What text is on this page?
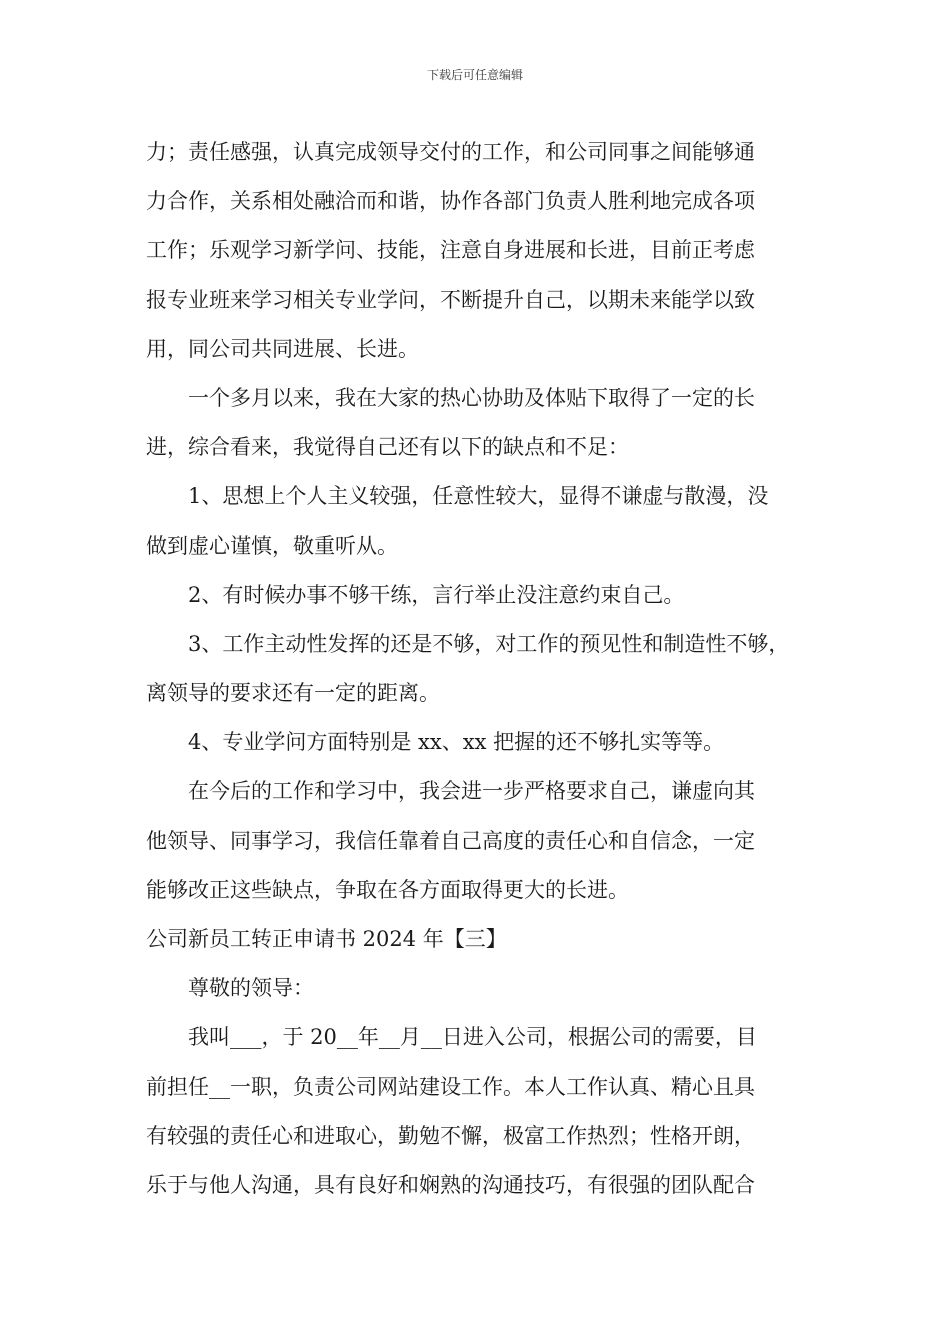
下载后可任意编辑
力；责任感强，认真完成领导交付的工作，和公司同事之间能够通
力合作，关系相处融洽而和谐，协作各部门负责人胜利地完成各项
工作；乐观学习新学问、技能，注意自身进展和长进，目前正考虑
报专业班来学习相关专业学问，不断提升自己，以期未来能学以致
用，同公司共同进展、长进。
一个多月以来，我在大家的热心协助及体贴下取得了一定的长
进，综合看来，我觉得自己还有以下的缺点和不足：
1、思想上个人主义较强，任意性较大，显得不谦虚与散漫，没
做到虚心谨慎，敬重听从。
2、有时候办事不够干练，言行举止没注意约束自己。
3、工作主动性发挥的还是不够，对工作的预见性和制造性不够，
离领导的要求还有一定的距离。
4、专业学问方面特别是 xx、xx 把握的还不够扎实等等。
在今后的工作和学习中，我会进一步严格要求自己，谦虚向其
他领导、同事学习，我信任靠着自己高度的责任心和自信念，一定
能够改正这些缺点，争取在各方面取得更大的长进。
公司新员工转正申请书 2024 年【三】
尊敬的领导：
我叫___，于 20__年__月__日进入公司，根据公司的需要，目
前担任__一职，负责公司网站建设工作。本人工作认真、精心且具
有较强的责任心和进取心，勤勉不懈，极富工作热烈；性格开朗，
乐于与他人沟通，具有良好和娴熟的沟通技巧，有很强的团队配合
